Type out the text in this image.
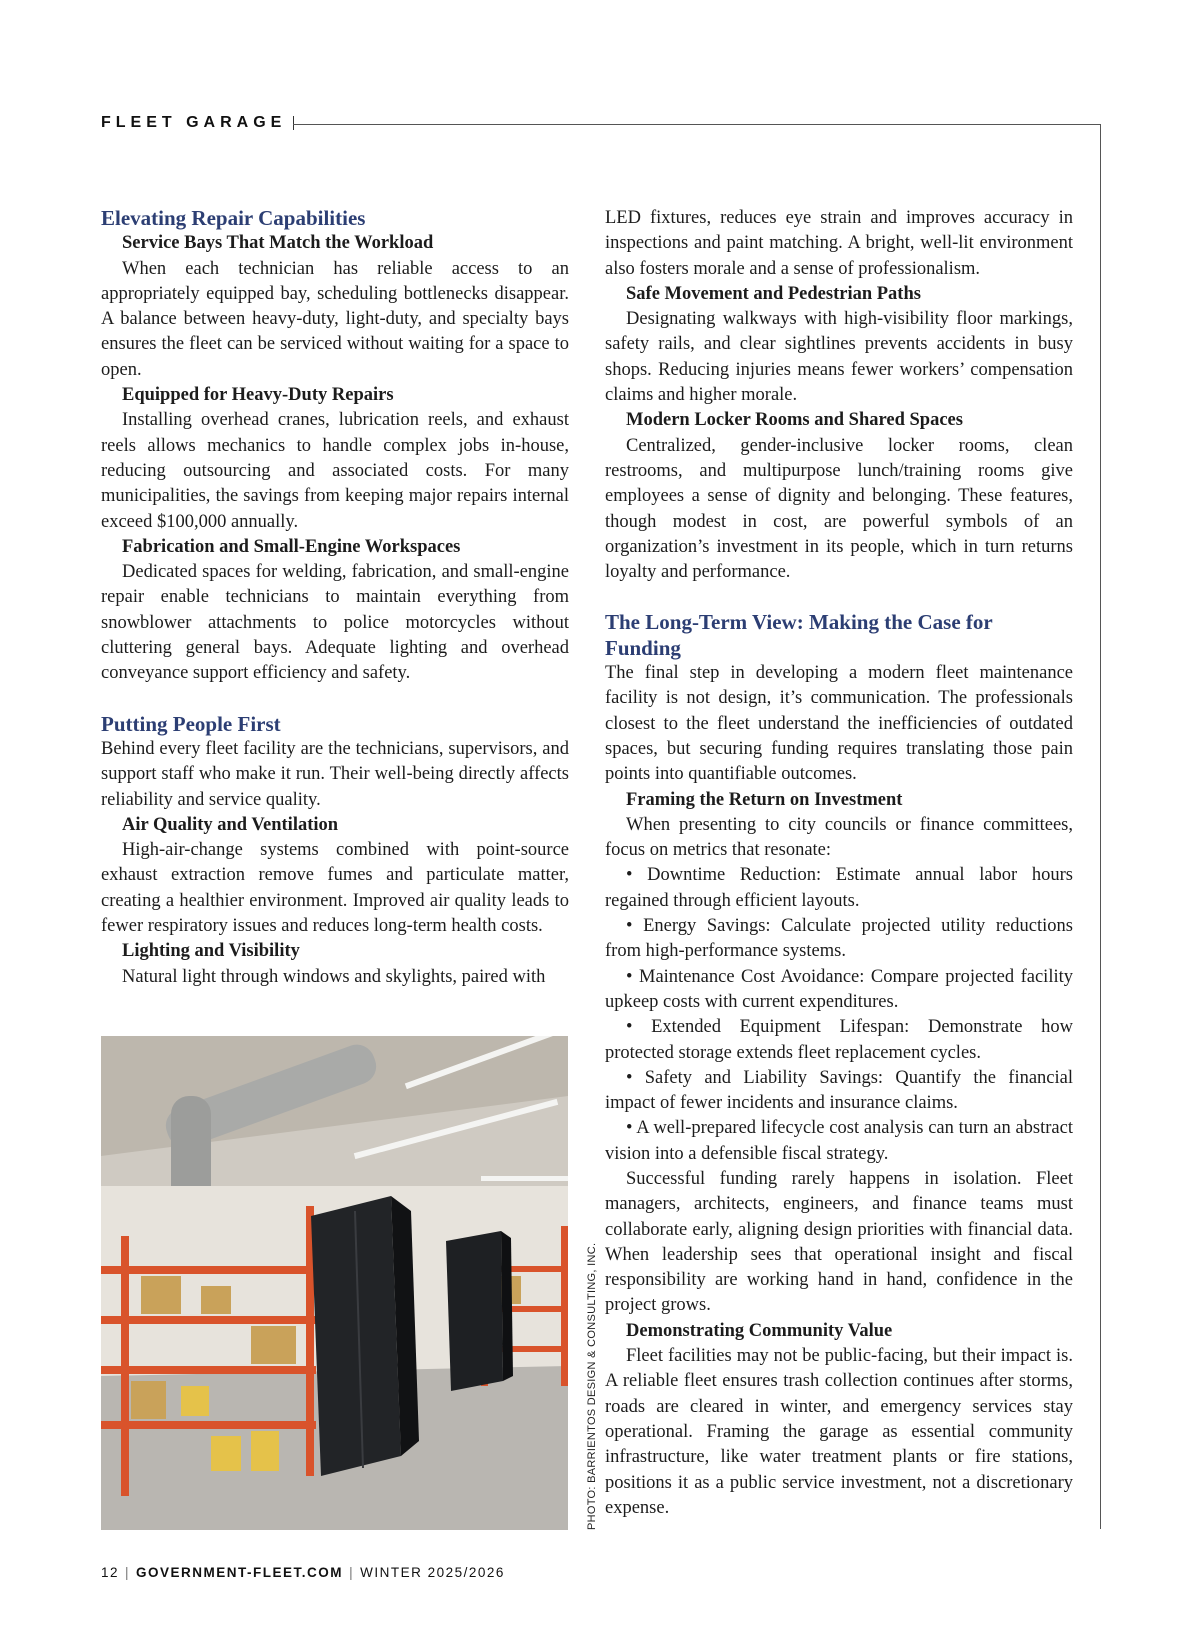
FLEET GARAGE

Elevating Repair Capabilities

Service Bays That Match the Workload

When each technician has reliable access to an appropriately equipped bay, scheduling bottlenecks disappear. A balance between heavy-duty, light-duty, and specialty bays ensures the fleet can be serviced without waiting for a space to open.

Equipped for Heavy-Duty Repairs

Installing overhead cranes, lubrication reels, and exhaust reels allows mechanics to handle complex jobs in-house, reducing outsourcing and associated costs. For many municipalities, the savings from keeping major repairs internal exceed $100,000 annually.

Fabrication and Small-Engine Workspaces

Dedicated spaces for welding, fabrication, and small-engine repair enable technicians to maintain everything from snowblower attachments to police motorcycles without cluttering general bays. Adequate lighting and overhead conveyance support efficiency and safety.

Putting People First

Behind every fleet facility are the technicians, supervisors, and support staff who make it run. Their well-being directly affects reliability and service quality.

Air Quality and Ventilation

High-air-change systems combined with point-source exhaust extraction remove fumes and particulate matter, creating a healthier environment. Improved air quality leads to fewer respiratory issues and reduces long-term health costs.

Lighting and Visibility

Natural light through windows and skylights, paired with

PHOTO: BARRIENTOS DESIGN & CONSULTING, INC.

LED fixtures, reduces eye strain and improves accuracy in inspections and paint matching. A bright, well-lit environment also fosters morale and a sense of professionalism.

Safe Movement and Pedestrian Paths

Designating walkways with high-visibility floor markings, safety rails, and clear sightlines prevents accidents in busy shops. Reducing injuries means fewer workers’ compensation claims and higher morale.

Modern Locker Rooms and Shared Spaces

Centralized, gender-inclusive locker rooms, clean restrooms, and multipurpose lunch/training rooms give employees a sense of dignity and belonging. These features, though modest in cost, are powerful symbols of an organization’s investment in its people, which in turn returns loyalty and performance.

The Long-Term View: Making the Case for Funding

The final step in developing a modern fleet maintenance facility is not design, it’s communication. The professionals closest to the fleet understand the inefficiencies of outdated spaces, but securing funding requires translating those pain points into quantifiable outcomes.

Framing the Return on Investment

When presenting to city councils or finance committees, focus on metrics that resonate:

• Downtime Reduction: Estimate annual labor hours regained through efficient layouts.

• Energy Savings: Calculate projected utility reductions from high-performance systems.

• Maintenance Cost Avoidance: Compare projected facility upkeep costs with current expenditures.

• Extended Equipment Lifespan: Demonstrate how protected storage extends fleet replacement cycles.

• Safety and Liability Savings: Quantify the financial impact of fewer incidents and insurance claims.

• A well-prepared lifecycle cost analysis can turn an abstract vision into a defensible fiscal strategy.

Successful funding rarely happens in isolation. Fleet managers, architects, engineers, and finance teams must collaborate early, aligning design priorities with financial data. When leadership sees that operational insight and fiscal responsibility are working hand in hand, confidence in the project grows.

Demonstrating Community Value

Fleet facilities may not be public-facing, but their impact is. A reliable fleet ensures trash collection continues after storms, roads are cleared in winter, and emergency services stay operational. Framing the garage as essential community infrastructure, like water treatment plants or fire stations, positions it as a public service investment, not a discretionary expense.

12 | GOVERNMENT-FLEET.COM | WINTER 2025/2026
